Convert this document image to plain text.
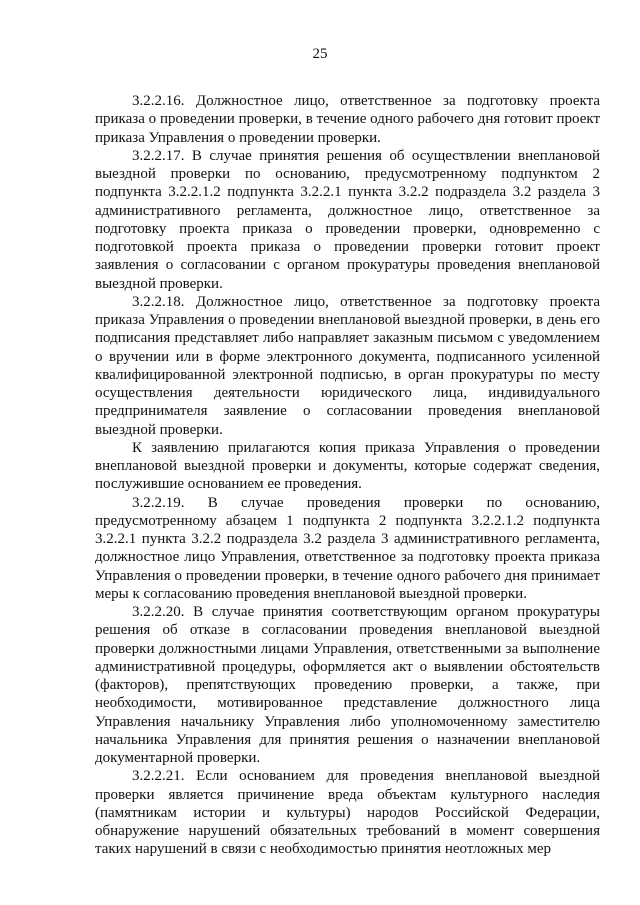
25

3.2.2.16. Должностное лицо, ответственное за подготовку проекта приказа о проведении проверки, в течение одного рабочего дня готовит проект приказа Управления о проведении проверки.

3.2.2.17. В случае принятия решения об осуществлении внеплановой выездной проверки по основанию, предусмотренному подпунктом 2 подпункта 3.2.2.1.2 подпункта 3.2.2.1 пункта 3.2.2 подраздела 3.2 раздела 3 административного регламента, должностное лицо, ответственное за подготовку проекта приказа о проведении проверки, одновременно с подготовкой проекта приказа о проведении проверки готовит проект заявления о согласовании с органом прокуратуры проведения внеплановой выездной проверки.

3.2.2.18. Должностное лицо, ответственное за подготовку проекта приказа Управления о проведении внеплановой выездной проверки, в день его подписания представляет либо направляет заказным письмом с уведомлением о вручении или в форме электронного документа, подписанного усиленной квалифицированной электронной подписью, в орган прокуратуры по месту осуществления деятельности юридического лица, индивидуального предпринимателя заявление о согласовании проведения внеплановой выездной проверки.

К заявлению прилагаются копия приказа Управления о проведении внеплановой выездной проверки и документы, которые содержат сведения, послужившие основанием ее проведения.

3.2.2.19. В случае проведения проверки по основанию, предусмотренному абзацем 1 подпункта 2 подпункта 3.2.2.1.2 подпункта 3.2.2.1 пункта 3.2.2 подраздела 3.2 раздела 3 административного регламента, должностное лицо Управления, ответственное за подготовку проекта приказа Управления о проведении проверки, в течение одного рабочего дня принимает меры к согласованию проведения внеплановой выездной проверки.

3.2.2.20. В случае принятия соответствующим органом прокуратуры решения об отказе в согласовании проведения внеплановой выездной проверки должностными лицами Управления, ответственными за выполнение административной процедуры, оформляется акт о выявлении обстоятельств (факторов), препятствующих проведению проверки, а также, при необходимости, мотивированное представление должностного лица Управления начальнику Управления либо уполномоченному заместителю начальника Управления для принятия решения о назначении внеплановой документарной проверки.

3.2.2.21. Если основанием для проведения внеплановой выездной проверки является причинение вреда объектам культурного наследия (памятникам истории и культуры) народов Российской Федерации, обнаружение нарушений обязательных требований в момент совершения таких нарушений в связи с необходимостью принятия неотложных мер
